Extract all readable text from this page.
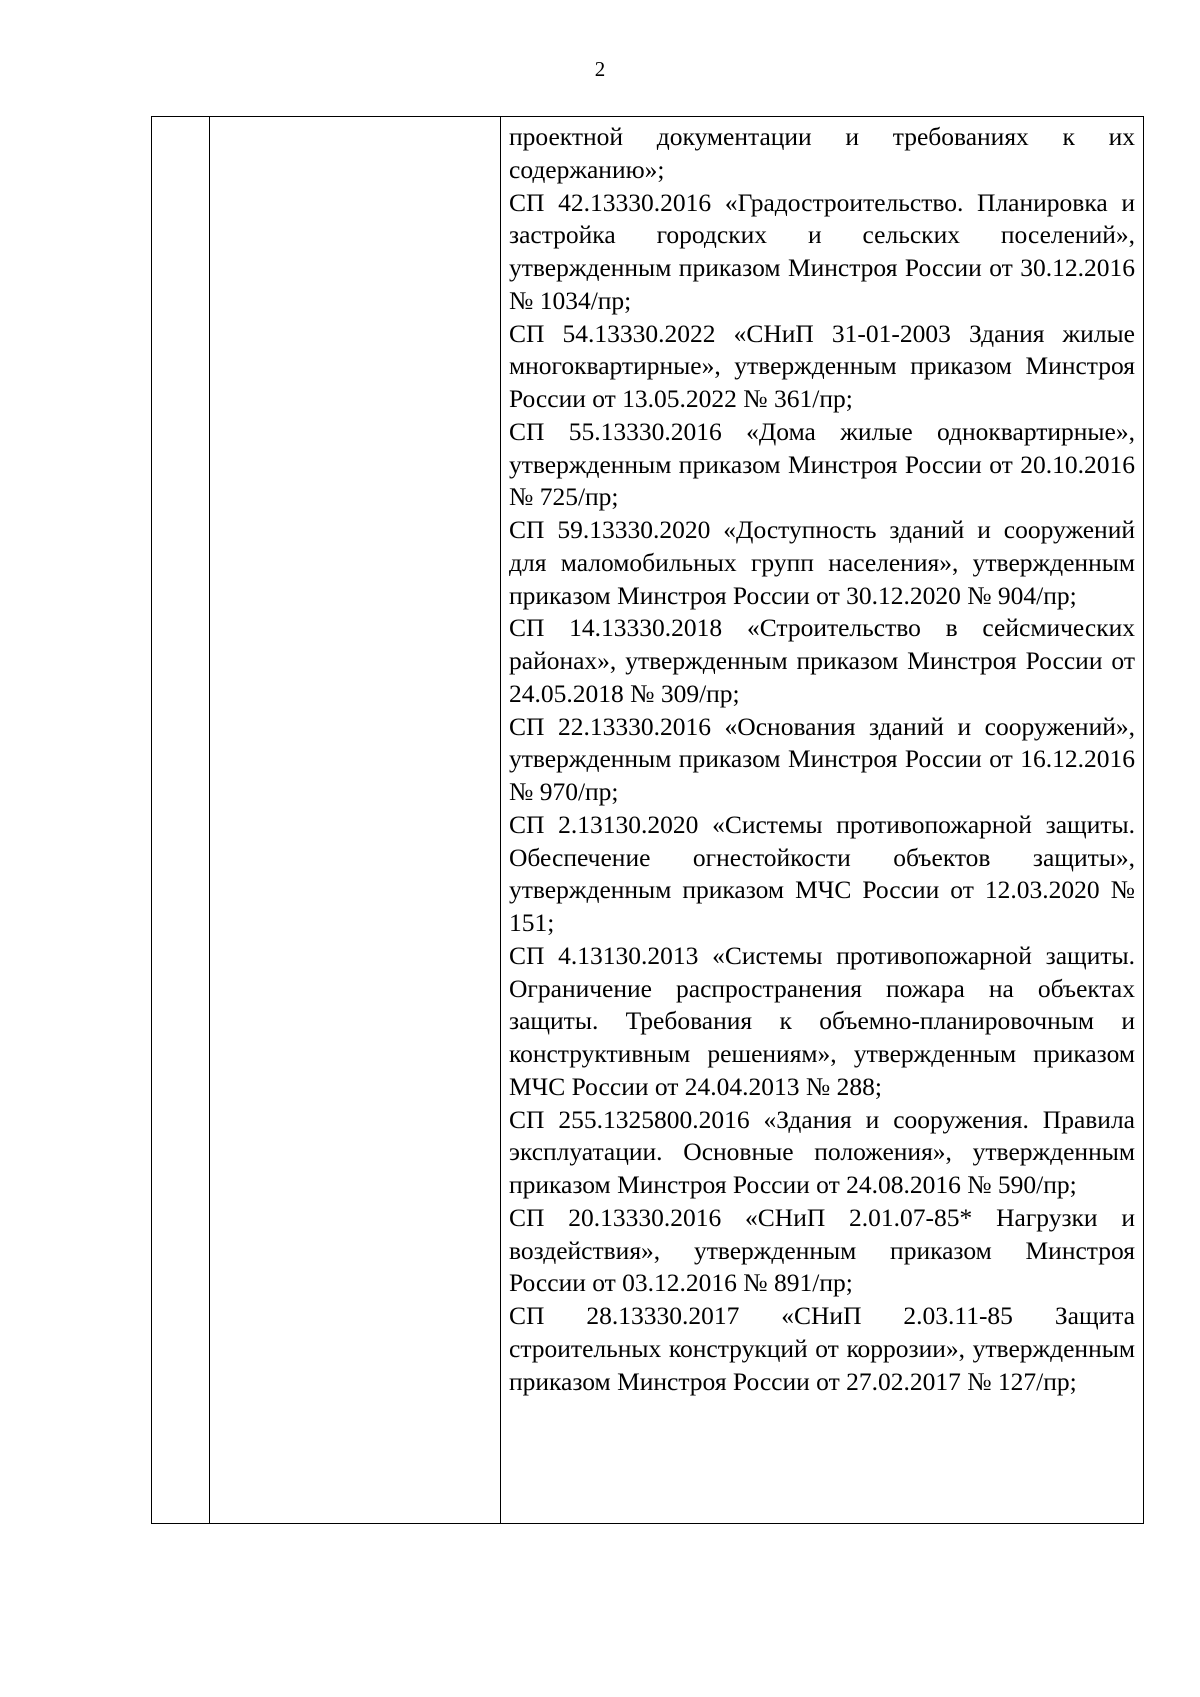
2

проектной документации и требованиях к их содержанию»;

СП 42.13330.2016 «Градостроительство. Планировка и застройка городских и сельских поселений», утвержденным приказом Минстроя России от 30.12.2016 № 1034/пр;

СП 54.13330.2022 «СНиП 31-01-2003 Здания жилые многоквартирные», утвержденным приказом Минстроя России от 13.05.2022 № 361/пр;

СП 55.13330.2016 «Дома жилые одноквартирные», утвержденным приказом Минстроя России от 20.10.2016 № 725/пр;

СП 59.13330.2020 «Доступность зданий и сооружений для маломобильных групп населения», утвержденным приказом Минстроя России от 30.12.2020 № 904/пр;

СП 14.13330.2018 «Строительство в сейсмических районах», утвержденным приказом Минстроя России от 24.05.2018 № 309/пр;

СП 22.13330.2016 «Основания зданий и сооружений», утвержденным приказом Минстроя России от 16.12.2016 № 970/пр;

СП 2.13130.2020 «Системы противопожарной защиты. Обеспечение огнестойкости объектов защиты», утвержденным приказом МЧС России от 12.03.2020 № 151;

СП 4.13130.2013 «Системы противопожарной защиты. Ограничение распространения пожара на объектах защиты. Требования к объемно-планировочным и конструктивным решениям», утвержденным приказом МЧС России от 24.04.2013 № 288;

СП 255.1325800.2016 «Здания и сооружения. Правила эксплуатации. Основные положения», утвержденным приказом Минстроя России от 24.08.2016 № 590/пр;

СП 20.13330.2016 «СНиП 2.01.07-85* Нагрузки и воздействия», утвержденным приказом Минстроя России от 03.12.2016 № 891/пр;

СП 28.13330.2017 «СНиП 2.03.11-85 Защита строительных конструкций от коррозии», утвержденным приказом Минстроя России от 27.02.2017 № 127/пр;
